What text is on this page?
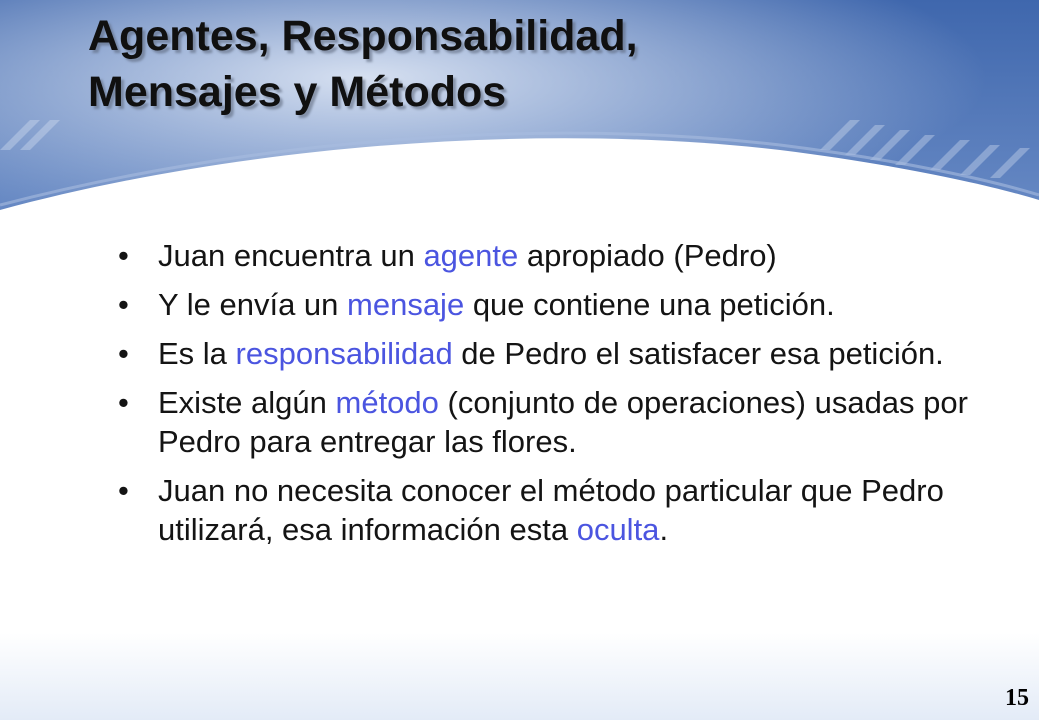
Agentes, Responsabilidad,
Mensajes y Métodos
• Juan encuentra un agente apropiado (Pedro)
• Y le envía un mensaje que contiene una petición.
• Es la responsabilidad de Pedro el satisfacer esa petición.
• Existe algún método (conjunto de operaciones) usadas por Pedro para entregar las flores.
• Juan no necesita conocer el método particular que Pedro utilizará, esa información esta oculta.
15
